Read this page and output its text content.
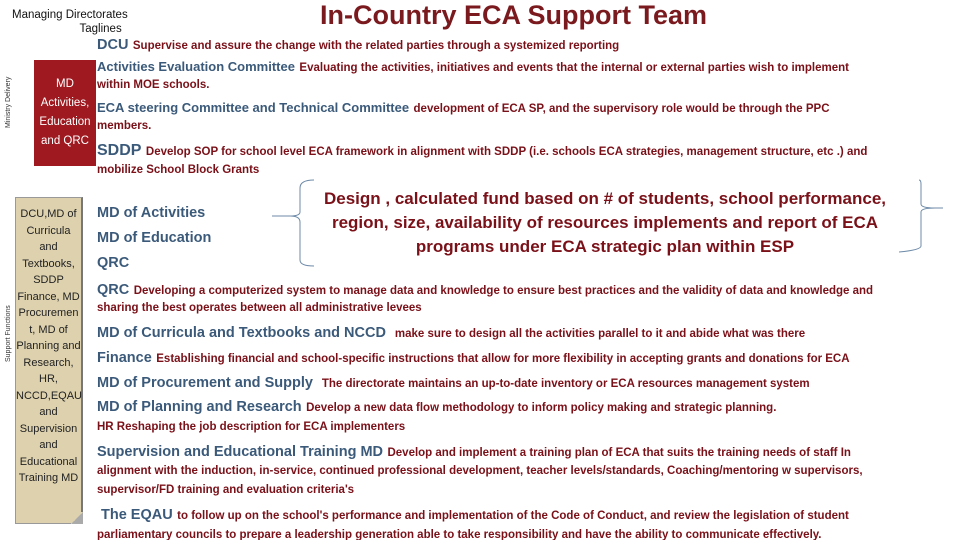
In-Country ECA Support Team
Managing Directorates
Taglines
Ministry Delivery
Support Functions
MD Activities, Education and QRC
DCU,MD of Curricula and Textbooks, SDDP Finance, MD Procuremen t, MD of Planning and Research, HR, NCCD,EQAU and Supervision and Educational Training MD
DCU Supervise and assure the change with the related parties through a systemized reporting
Activities Evaluation Committee Evaluating the activities, initiatives and events that the internal or external parties wish to implement
within MOE schools.
ECA steering Committee and Technical Committee development of ECA SP, and the supervisory role would be through the PPC
members.
SDDP Develop SOP for school level ECA framework in alignment with SDDP (i.e. schools ECA strategies, management structure, etc .) and
mobilize School Block Grants
MD of Activities
MD of Education
QRC
Design , calculated fund based on # of students, school performance, region, size, availability of resources implements and report of ECA programs under ECA strategic plan within ESP
QRC Developing a computerized system to manage data and knowledge to ensure best practices and the validity of data and knowledge and
sharing the best operates between all administrative levees
MD of Curricula and Textbooks and NCCD make sure to design all the activities parallel to it and abide what was there
Finance Establishing financial and school-specific instructions that allow for more flexibility in accepting grants and donations for ECA
MD of Procurement and Supply The directorate maintains an up-to-date inventory or ECA resources management system
MD of Planning and Research Develop a new data flow methodology to inform policy making and strategic planning.
HR Reshaping the job description for ECA implementers
Supervision and Educational Training MD Develop and implement a training plan of ECA that suits the training needs of staff In
alignment with the induction, in-service, continued professional development, teacher levels/standards, Coaching/mentoring w supervisors,
supervisor/FD training and evaluation criteria's
The EQAU to follow up on the school's performance and implementation of the Code of Conduct, and review the legislation of student
parliamentary councils to prepare a leadership generation able to take responsibility and have the ability to communicate effectively.
